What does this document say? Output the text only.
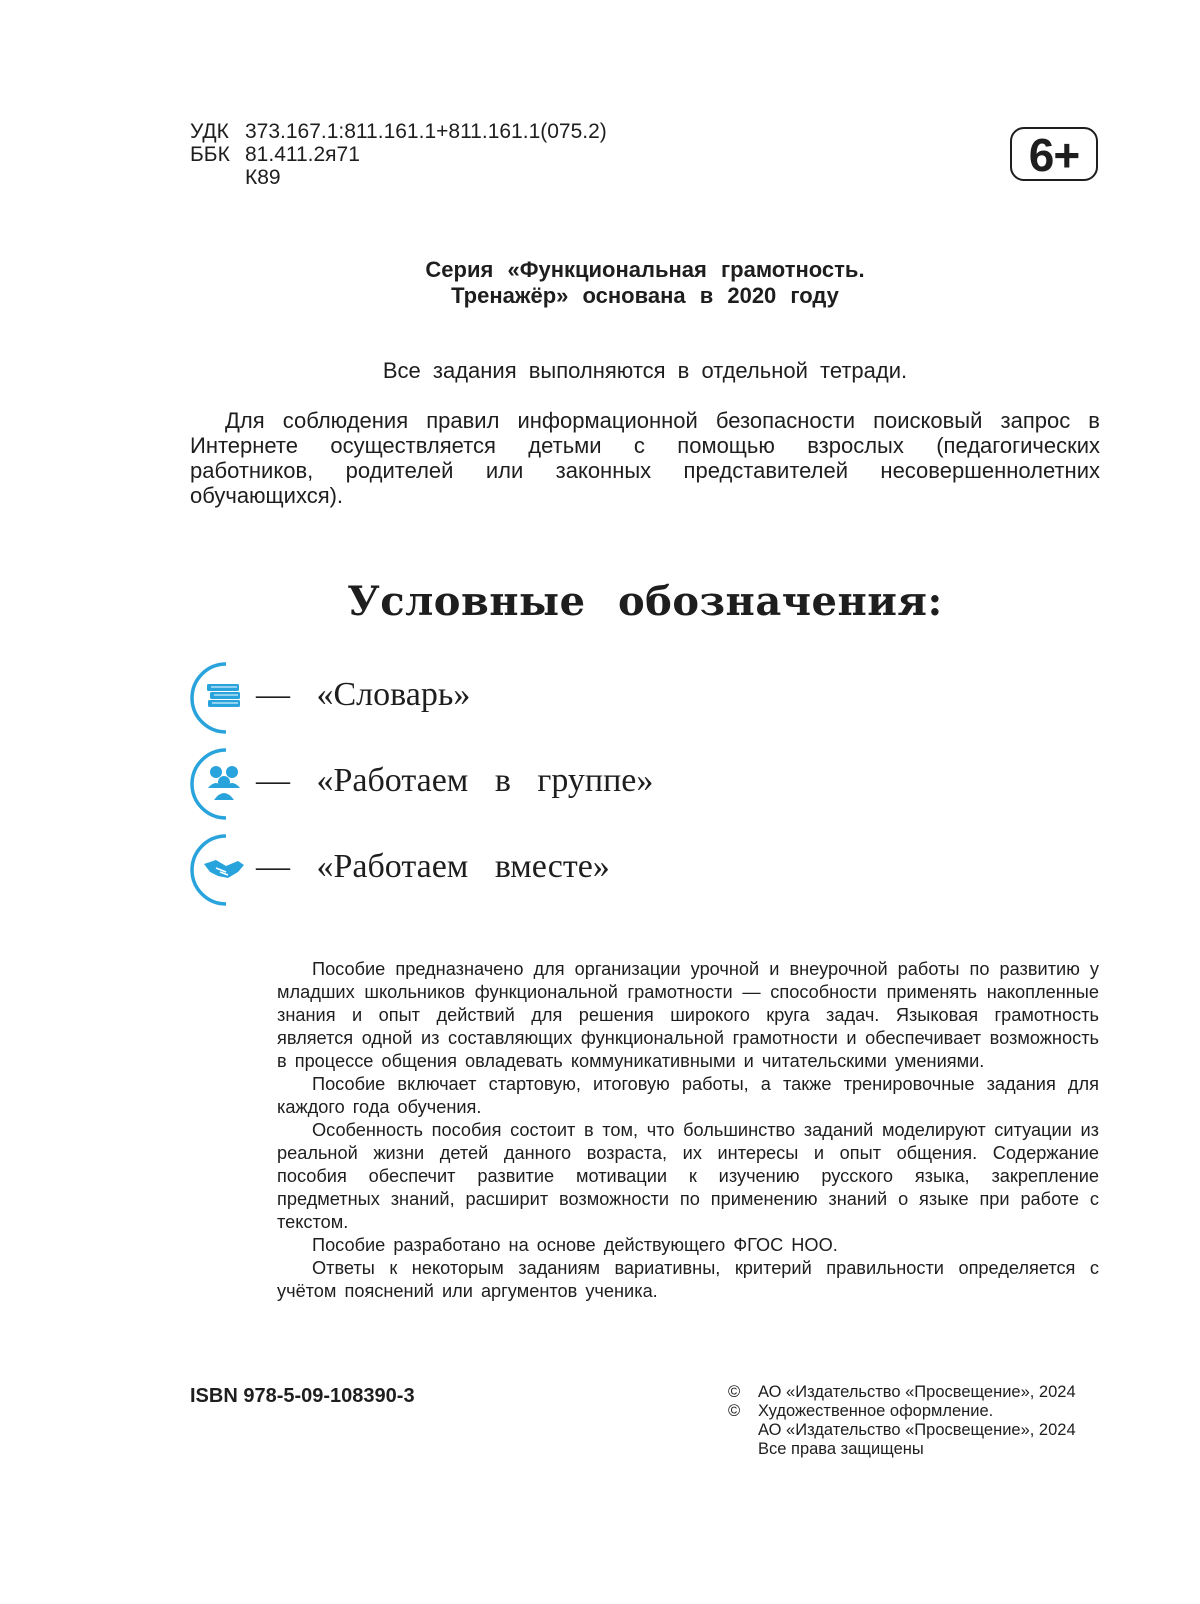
УДК 373.167.1:811.161.1+811.161.1(075.2)
ББК 81.411.2я71
К89	6+
Серия «Функциональная грамотность.
Тренажёр» основана в 2020 году
Все задания выполняются в отдельной тетради.
Для соблюдения правил информационной безопасности поисковый запрос в Интернете осуществляется детьми с помощью взрослых (педагогических работников, родителей или законных представителей несовершеннолетних обучающихся).
Условные обозначения:
— «Словарь»
— «Работаем в группе»
— «Работаем вместе»

Пособие предназначено для организации урочной и внеурочной работы по развитию у младших школьников функциональной грамотности — способности применять накопленные знания и опыт действий для решения широкого круга задач. Языковая грамотность является одной из составляющих функциональной грамотности и обеспечивает возможность в процессе общения овладевать коммуникативными и читательскими умениями.

Пособие включает стартовую, итоговую работы, а также тренировочные задания для каждого года обучения.

Особенность пособия состоит в том, что большинство заданий моделируют ситуации из реальной жизни детей данного возраста, их интересы и опыт общения. Содержание пособия обеспечит развитие мотивации к изучению русского языка, закрепление предметных знаний, расширит возможности по применению знаний о языке при работе с текстом.

Пособие разработано на основе действующего ФГОС НОО.

Ответы к некоторым заданиям вариативны, критерий правильности определяется с учётом пояснений или аргументов ученика.

ISBN 978-5-09-108390-3	© АО «Издательство «Просвещение», 2024
© Художественное оформление.
АО «Издательство «Просвещение», 2024
Все права защищены
